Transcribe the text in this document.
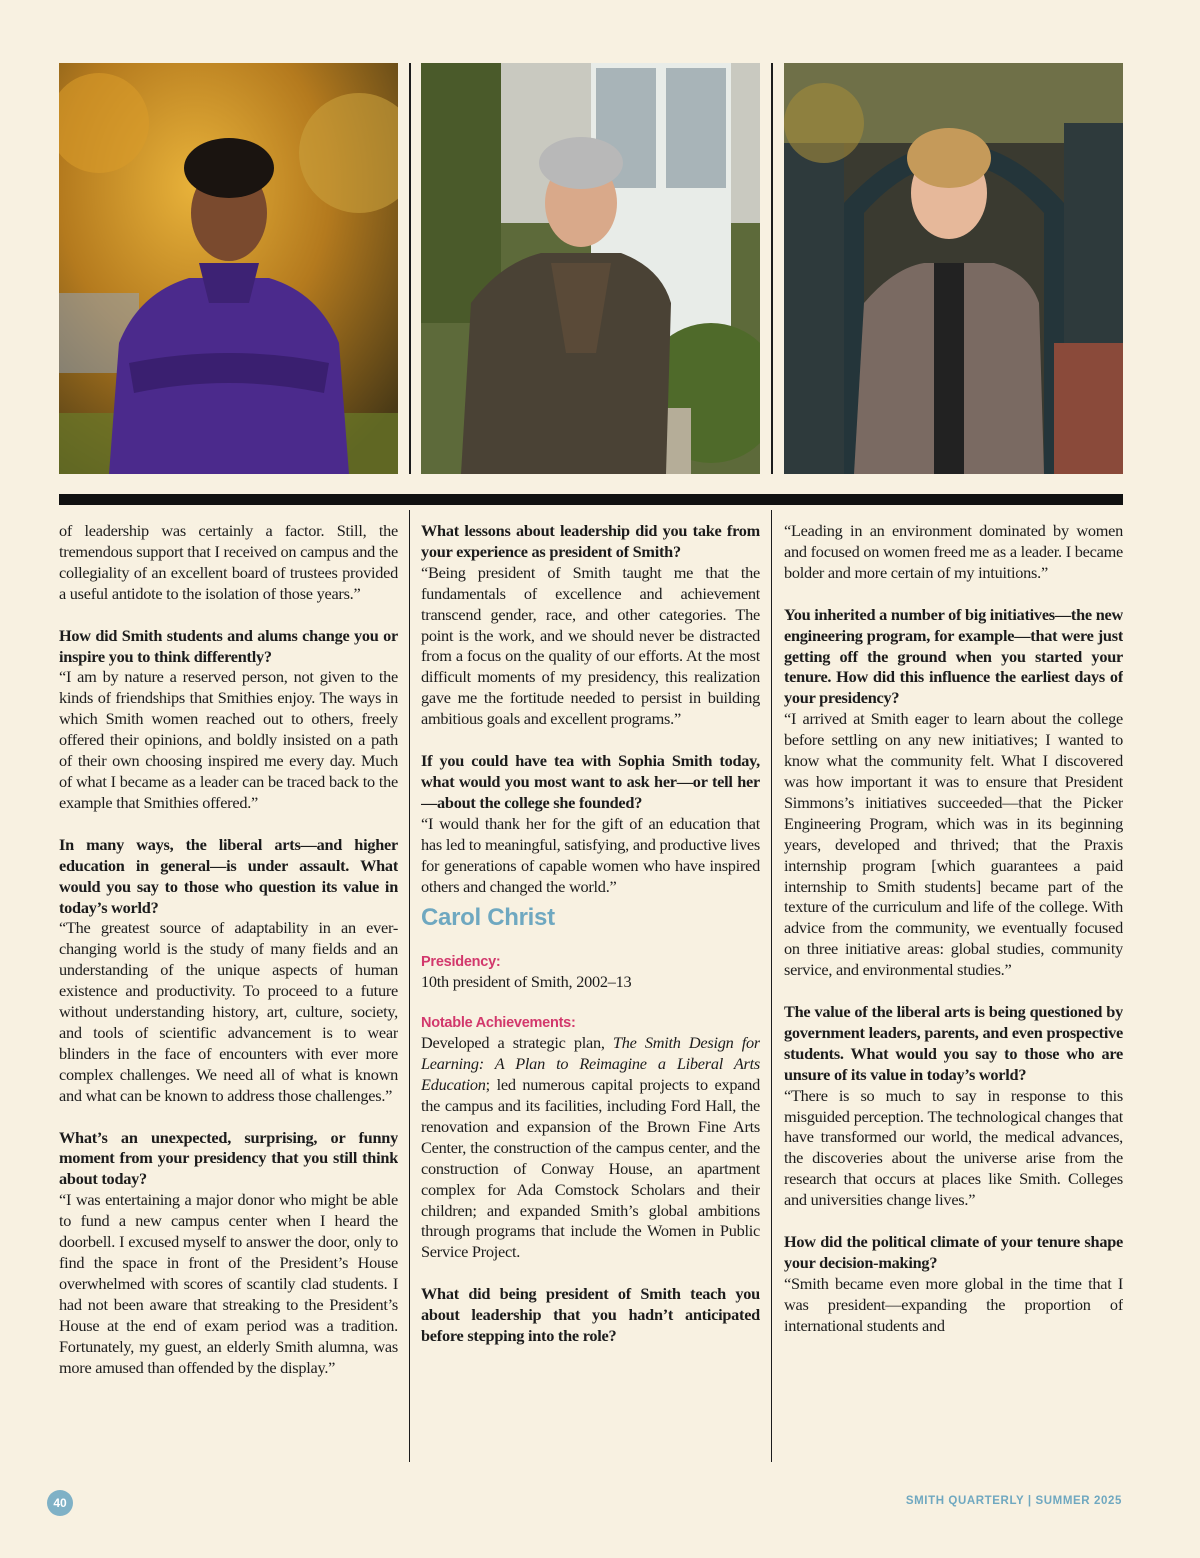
of leadership was certainly a factor. Still, the tremendous support that I received on campus and the collegiality of an excellent board of trustees provided a useful antidote to the isolation of those years.”

How did Smith students and alums change you or inspire you to think differently?
“I am by nature a reserved person, not given to the kinds of friendships that Smithies enjoy. The ways in which Smith women reached out to others, freely offered their opinions, and boldly insisted on a path of their own choosing inspired me every day. Much of what I became as a leader can be traced back to the example that Smithies offered.”

In many ways, the liberal arts—and higher education in general—is under assault. What would you say to those who question its value in today’s world?
“The greatest source of adaptability in an ever-changing world is the study of many fields and an understanding of the unique aspects of human existence and productivity. To proceed to a future without understanding history, art, culture, society, and tools of scientific advancement is to wear blinders in the face of encounters with ever more complex challenges. We need all of what is known and what can be known to address those challenges.”

What’s an unexpected, surprising, or funny moment from your presidency that you still think about today?
“I was entertaining a major donor who might be able to fund a new campus center when I heard the doorbell. I excused myself to answer the door, only to find the space in front of the President’s House overwhelmed with scores of scantily clad students. I had not been aware that streaking to the President’s House at the end of exam period was a tradition. Fortunately, my guest, an elderly Smith alumna, was more amused than offended by the display.”

What lessons about leadership did you take from your experience as president of Smith?
“Being president of Smith taught me that the fundamentals of excellence and achievement transcend gender, race, and other categories. The point is the work, and we should never be distracted from a focus on the quality of our efforts. At the most difficult moments of my presidency, this realization gave me the fortitude needed to persist in building ambitious goals and excellent programs.”

If you could have tea with Sophia Smith today, what would you most want to ask her—or tell her—about the college she founded?
“I would thank her for the gift of an education that has led to meaningful, satisfying, and productive lives for generations of capable women who have inspired others and changed the world.”

Carol Christ

Presidency:
10th president of Smith, 2002–13

Notable Achievements:
Developed a strategic plan, The Smith Design for Learning: A Plan to Reimagine a Liberal Arts Education; led numerous capital projects to expand the campus and its facilities, including Ford Hall, the renovation and expansion of the Brown Fine Arts Center, the construction of the campus center, and the construction of Conway House, an apartment complex for Ada Comstock Scholars and their children; and expanded Smith’s global ambitions through programs that include the Women in Public Service Project.

What did being president of Smith teach you about leadership that you hadn’t anticipated before stepping into the role?

“Leading in an environment dominated by women and focused on women freed me as a leader. I became bolder and more certain of my intuitions.”

You inherited a number of big initiatives—the new engineering program, for example—that were just getting off the ground when you started your tenure. How did this influence the earliest days of your presidency?
“I arrived at Smith eager to learn about the college before settling on any new initiatives; I wanted to know what the community felt. What I discovered was how important it was to ensure that President Simmons’s initiatives succeeded—that the Picker Engineering Program, which was in its beginning years, developed and thrived; that the Praxis internship program [which guarantees a paid internship to Smith students] became part of the texture of the curriculum and life of the college. With advice from the community, we eventually focused on three initiative areas: global studies, community service, and environmental studies.”

The value of the liberal arts is being questioned by government leaders, parents, and even prospective students. What would you say to those who are unsure of its value in today’s world?
“There is so much to say in response to this misguided perception. The technological changes that have transformed our world, the medical advances, the discoveries about the universe arise from the research that occurs at places like Smith. Colleges and universities change lives.”

How did the political climate of your tenure shape your decision-making?
“Smith became even more global in the time that I was president—expanding the proportion of international students and

40	SMITH QUARTERLY | SUMMER 2025
